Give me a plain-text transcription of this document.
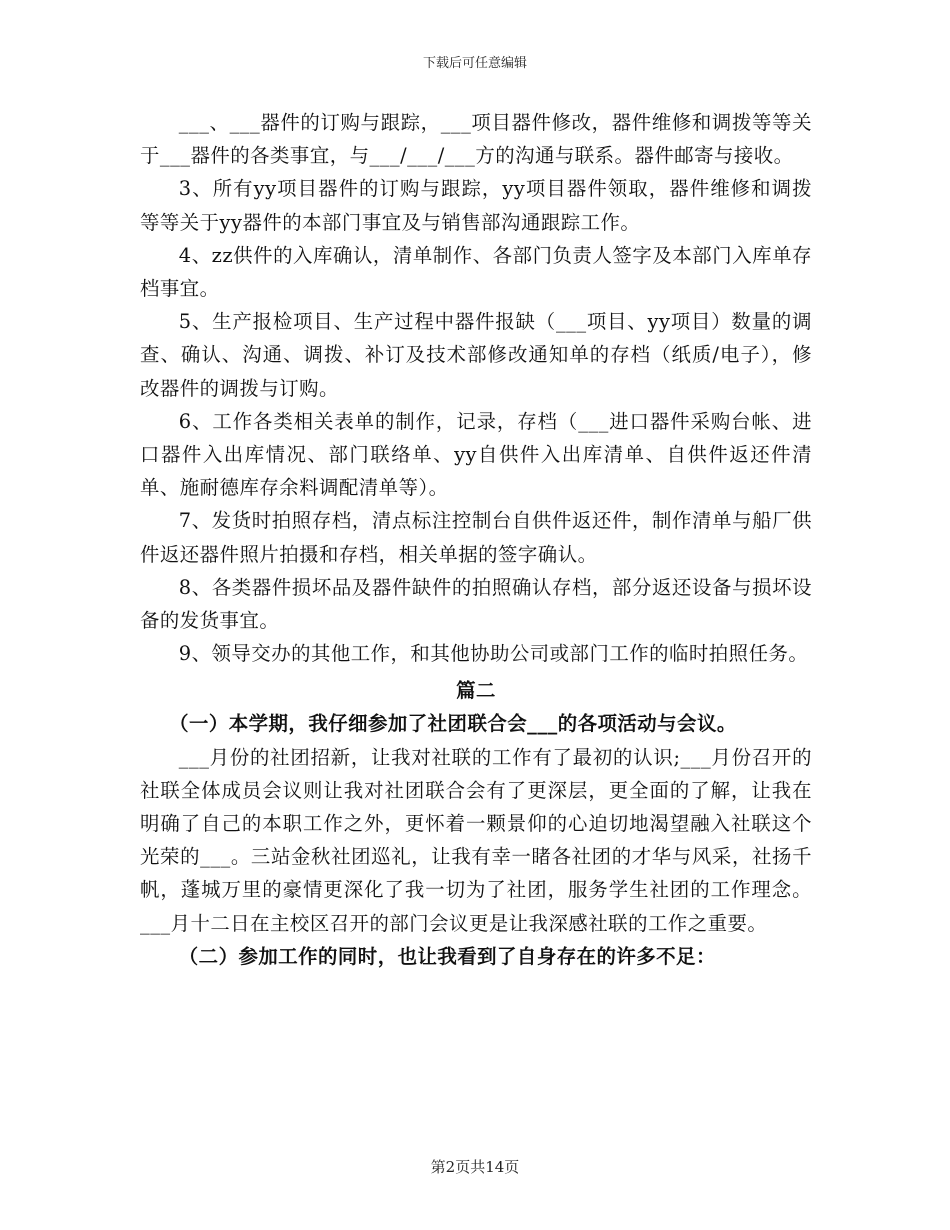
下载后可任意编辑

___、___器件的订购与跟踪，___项目器件修改，器件维修和调拨等等关于___器件的各类事宜，与___/___/___方的沟通与联系。器件邮寄与接收。

3、所有yy项目器件的订购与跟踪，yy项目器件领取，器件维修和调拨等等关于yy器件的本部门事宜及与销售部沟通跟踪工作。

4、zz供件的入库确认，清单制作、各部门负责人签字及本部门入库单存档事宜。

5、生产报检项目、生产过程中器件报缺（___项目、yy项目）数量的调查、确认、沟通、调拨、补订及技术部修改通知单的存档（纸质/电子），修改器件的调拨与订购。

6、工作各类相关表单的制作，记录，存档（___进口器件采购台帐、进口器件入出库情况、部门联络单、yy自供件入出库清单、自供件返还件清单、施耐德库存余料调配清单等）。

7、发货时拍照存档，清点标注控制台自供件返还件，制作清单与船厂供件返还器件照片拍摄和存档，相关单据的签字确认。

8、各类器件损坏品及器件缺件的拍照确认存档，部分返还设备与损坏设备的发货事宜。

9、领导交办的其他工作，和其他协助公司或部门工作的临时拍照任务。

篇二

（一）本学期，我仔细参加了社团联合会___的各项活动与会议。

___月份的社团招新，让我对社联的工作有了最初的认识;___月份召开的社联全体成员会议则让我对社团联合会有了更深层，更全面的了解，让我在明确了自己的本职工作之外，更怀着一颗景仰的心迫切地渴望融入社联这个光荣的___。三站金秋社团巡礼，让我有幸一睹各社团的才华与风采，社扬千帆，蓬城万里的豪情更深化了我一切为了社团，服务学生社团的工作理念。___月十二日在主校区召开的部门会议更是让我深感社联的工作之重要。

（二）参加工作的同时，也让我看到了自身存在的许多不足：

第2页共14页
